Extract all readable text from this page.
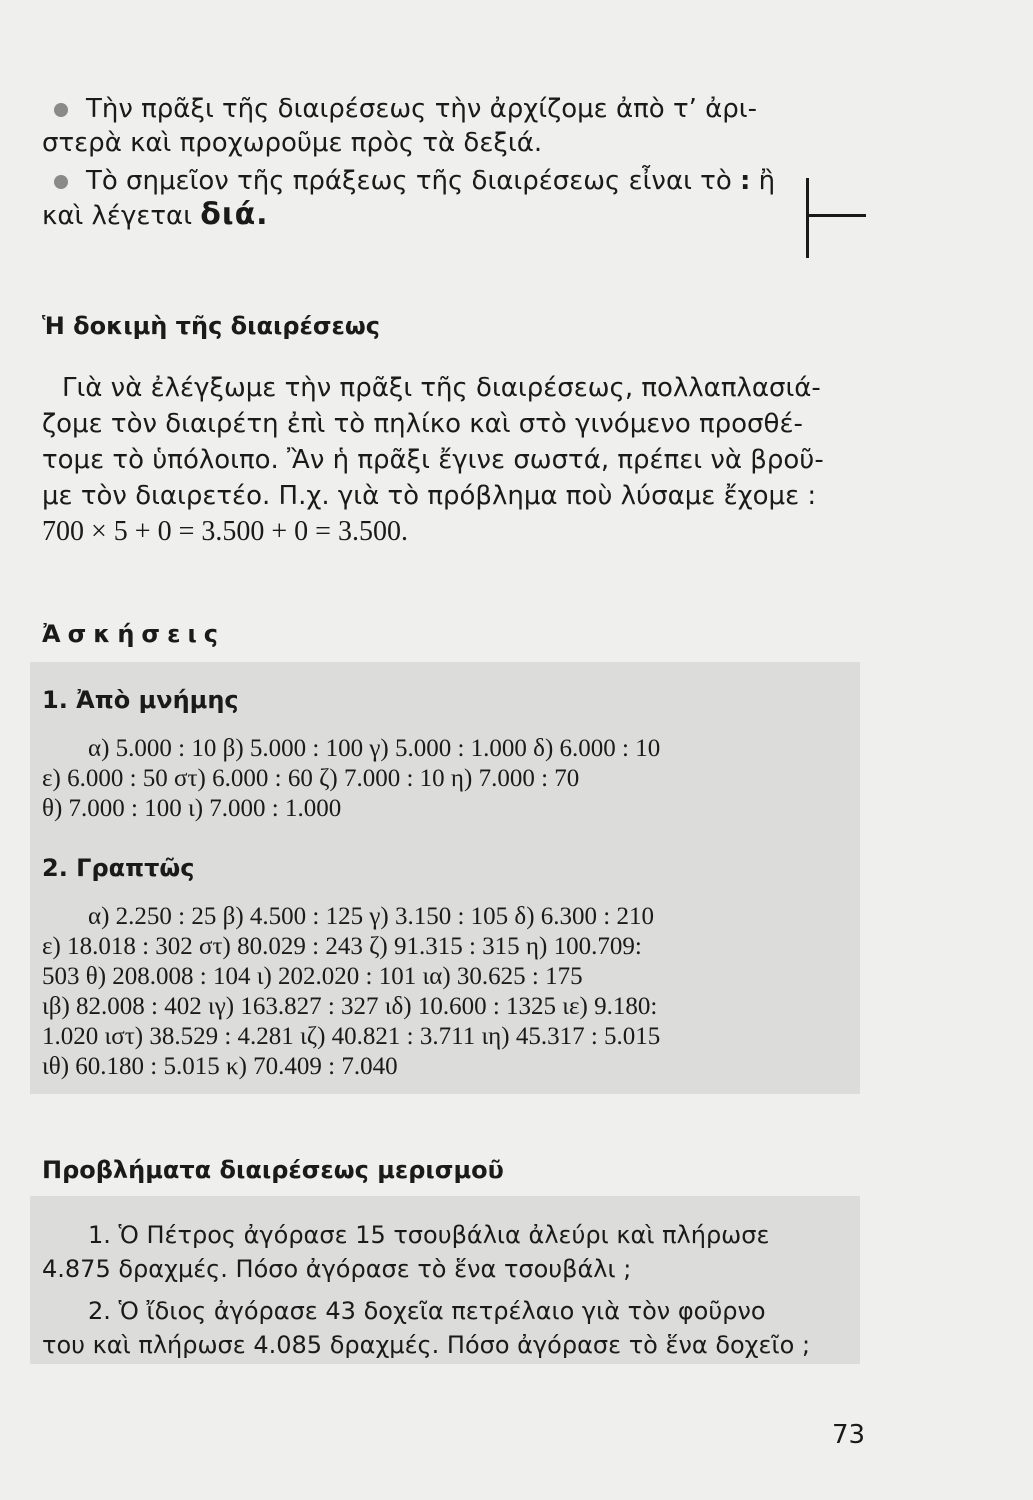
Τὴν πρᾶξι τῆς διαιρέσεως τὴν ἀρχίζομε ἀπὸ τ’ ἀρι-
στερὰ καὶ προχωροῦμε πρὸς τὰ δεξιά.
Τὸ σημεῖον τῆς πράξεως τῆς διαιρέσεως εἶναι τὸ : ἢ
καὶ λέγεται διά.
Ἡ δοκιμὴ τῆς διαιρέσεως
Γιὰ νὰ ἐλέγξωμε τὴν πρᾶξι τῆς διαιρέσεως, πολλαπλασιά-
ζομε τὸν διαιρέτη ἐπὶ τὸ πηλίκο καὶ στὸ γινόμενο προσθέ-
τομε τὸ ὑπόλοιπο. Ἂν ἡ πρᾶξι ἔγινε σωστά, πρέπει νὰ βροῦ-
με τὸν διαιρετέο. Π.χ. γιὰ τὸ πρόβλημα ποὺ λύσαμε ἔχομε :
700 × 5 + 0 = 3.500 + 0 = 3.500.
Ἀσκήσεις
1. Ἀπὸ μνήμης
α) 5.000 : 10 β) 5.000 : 100 γ) 5.000 : 1.000 δ) 6.000 : 10
ε) 6.000 : 50 στ) 6.000 : 60 ζ) 7.000 : 10 η) 7.000 : 70
θ) 7.000 : 100 ι) 7.000 : 1.000
2. Γραπτῶς
α) 2.250 : 25 β) 4.500 : 125 γ) 3.150 : 105 δ) 6.300 : 210
ε) 18.018 : 302 στ) 80.029 : 243 ζ) 91.315 : 315 η) 100.709:
503 θ) 208.008 : 104 ι) 202.020 : 101 ια) 30.625 : 175
ιβ) 82.008 : 402 ιγ) 163.827 : 327 ιδ) 10.600 : 1325 ιε) 9.180:
1.020 ιστ) 38.529 : 4.281 ιζ) 40.821 : 3.711 ιη) 45.317 : 5.015
ιθ) 60.180 : 5.015 κ) 70.409 : 7.040
Προβλήματα διαιρέσεως μερισμοῦ
1. Ὁ Πέτρος ἀγόρασε 15 τσουβάλια ἀλεύρι καὶ πλήρωσε
4.875 δραχμές. Πόσο ἀγόρασε τὸ ἕνα τσουβάλι ;
2. Ὁ ἴδιος ἀγόρασε 43 δοχεῖα πετρέλαιο γιὰ τὸν φοῦρνο
του καὶ πλήρωσε 4.085 δραχμές. Πόσο ἀγόρασε τὸ ἕνα δοχεῖο ;
73
